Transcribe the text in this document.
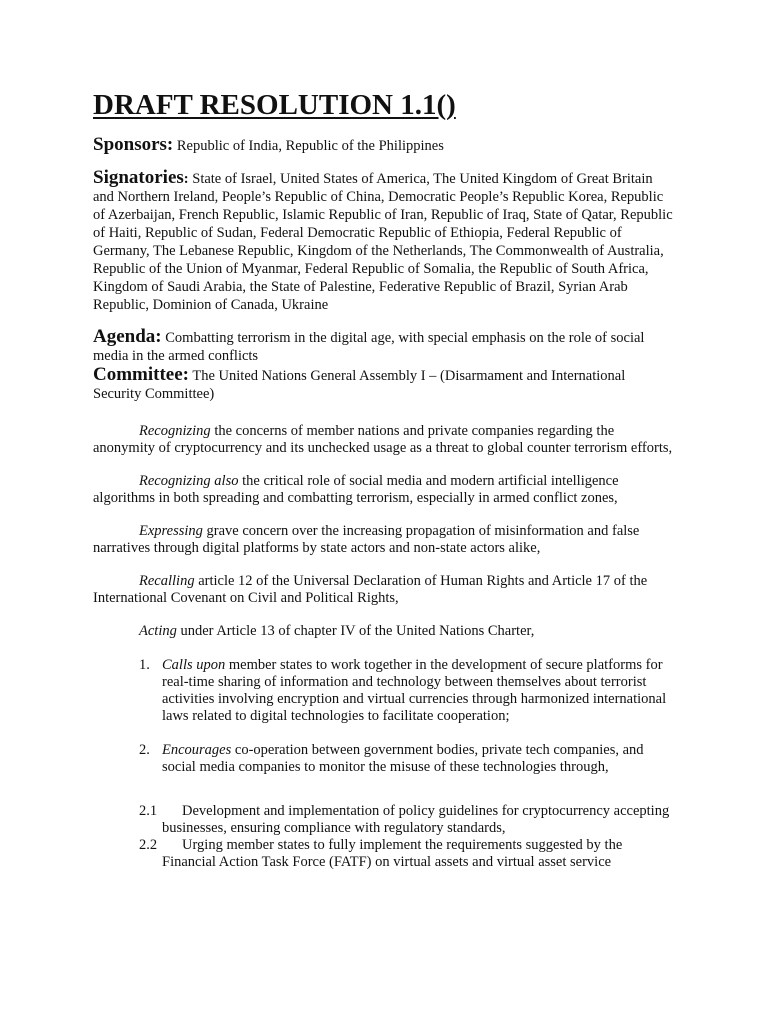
DRAFT RESOLUTION 1.1()
Sponsors: Republic of India, Republic of the Philippines
Signatories: State of Israel, United States of America, The United Kingdom of Great Britain and Northern Ireland, People’s Republic of China, Democratic People’s Republic Korea, Republic of Azerbaijan, French Republic, Islamic Republic of Iran, Republic of Iraq, State of Qatar, Republic of Haiti, Republic of Sudan, Federal Democratic Republic of Ethiopia, Federal Republic of Germany, The Lebanese Republic, Kingdom of the Netherlands, The Commonwealth of Australia, Republic of the Union of Myanmar, Federal Republic of Somalia, the Republic of South Africa, Kingdom of Saudi Arabia, the State of Palestine, Federative Republic of Brazil, Syrian Arab Republic, Dominion of Canada, Ukraine
Agenda: Combatting terrorism in the digital age, with special emphasis on the role of social media in the armed conflicts
Committee: The United Nations General Assembly I – (Disarmament and International Security Committee)

Recognizing the concerns of member nations and private companies regarding the anonymity of cryptocurrency and its unchecked usage as a threat to global counter terrorism efforts,

Recognizing also the critical role of social media and modern artificial intelligence algorithms in both spreading and combatting terrorism, especially in armed conflict zones,

Expressing grave concern over the increasing propagation of misinformation and false narratives through digital platforms by state actors and non-state actors alike,

Recalling article 12 of the Universal Declaration of Human Rights and Article 17 of the International Covenant on Civil and Political Rights,

Acting under Article 13 of chapter IV of the United Nations Charter,

1. Calls upon member states to work together in the development of secure platforms for real-time sharing of information and technology between themselves about terrorist activities involving encryption and virtual currencies through harmonized international laws related to digital technologies to facilitate cooperation;
2. Encourages co-operation between government bodies, private tech companies, and social media companies to monitor the misuse of these technologies through,
2.1 Development and implementation of policy guidelines for cryptocurrency accepting businesses, ensuring compliance with regulatory standards,
2.2 Urging member states to fully implement the requirements suggested by the Financial Action Task Force (FATF) on virtual assets and virtual asset service
